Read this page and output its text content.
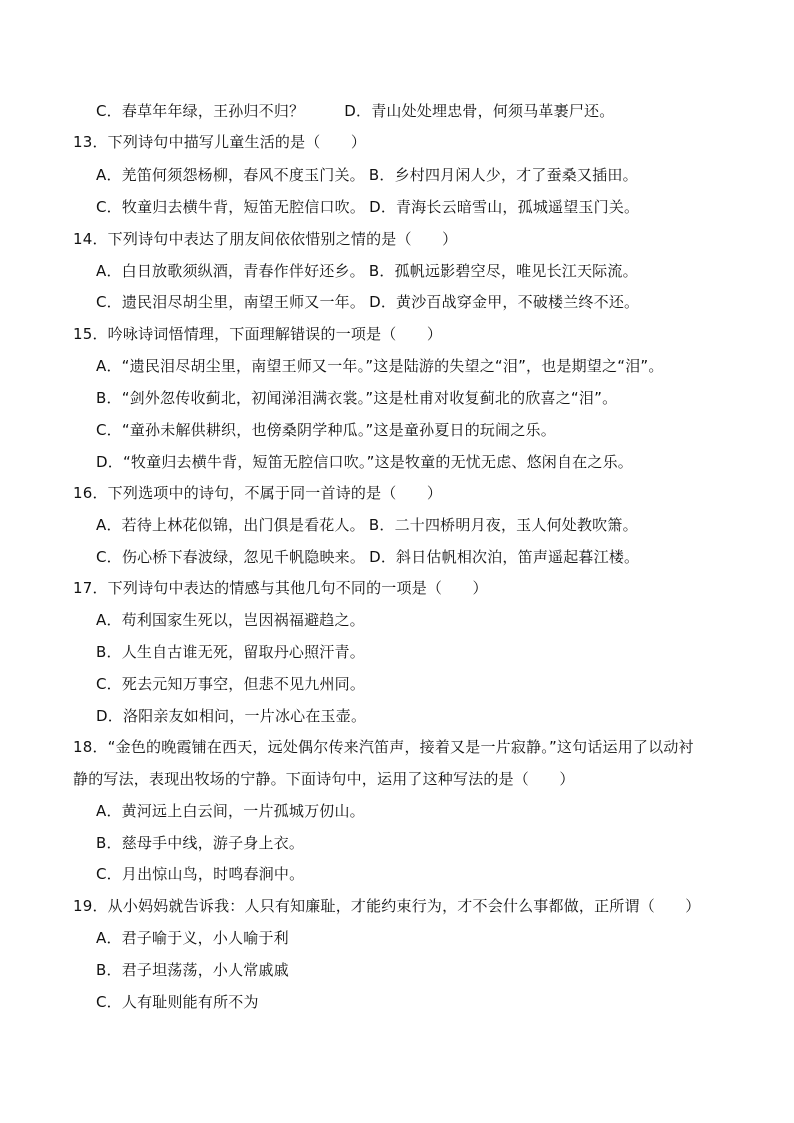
C．春草年年绿，王孙归不归？	D．青山处处埋忠骨，何须马革裹尸还。
13．下列诗句中描写儿童生活的是（　　）
A．羌笛何须怨杨柳，春风不度玉门关。 B．乡村四月闲人少，才了蚕桑又插田。
C．牧童归去横牛背，短笛无腔信口吹。 D．青海长云暗雪山，孤城遥望玉门关。
14．下列诗句中表达了朋友间依依惜别之情的是（　　）
A．白日放歌须纵酒，青春作伴好还乡。 B．孤帆远影碧空尽，唯见长江天际流。
C．遗民泪尽胡尘里，南望王师又一年。 D．黄沙百战穿金甲，不破楼兰终不还。
15．吟咏诗词悟情理，下面理解错误的一项是（　　）
A．“遗民泪尽胡尘里，南望王师又一年。”这是陆游的失望之“泪”，也是期望之“泪”。
B．“剑外忽传收蓟北，初闻涕泪满衣裳。”这是杜甫对收复蓟北的欣喜之“泪”。
C．“童孙未解供耕织，也傍桑阴学种瓜。”这是童孙夏日的玩闹之乐。
D．“牧童归去横牛背，短笛无腔信口吹。”这是牧童的无忧无虑、悠闲自在之乐。
16．下列选项中的诗句，不属于同一首诗的是（　　）
A．若待上林花似锦，出门俱是看花人。 B．二十四桥明月夜，玉人何处教吹箫。
C．伤心桥下春波绿，忽见千帆隐映来。 D．斜日估帆相次泊，笛声遥起暮江楼。
17．下列诗句中表达的情感与其他几句不同的一项是（　　）
A．苟利国家生死以，岂因祸福避趋之。
B．人生自古谁无死，留取丹心照汗青。
C．死去元知万事空，但悲不见九州同。
D．洛阳亲友如相问，一片冰心在玉壶。
18．“金色的晚霞铺在西天，远处偶尔传来汽笛声，接着又是一片寂静。”这句话运用了以动衬
静的写法，表现出牧场的宁静。下面诗句中，运用了这种写法的是（　　）
A．黄河远上白云间，一片孤城万仞山。
B．慈母手中线，游子身上衣。
C．月出惊山鸟，时鸣春涧中。
19．从小妈妈就告诉我：人只有知廉耻，才能约束行为，才不会什么事都做，正所谓（　　）
A．君子喻于义，小人喻于利
B．君子坦荡荡，小人常戚戚
C．人有耻则能有所不为
